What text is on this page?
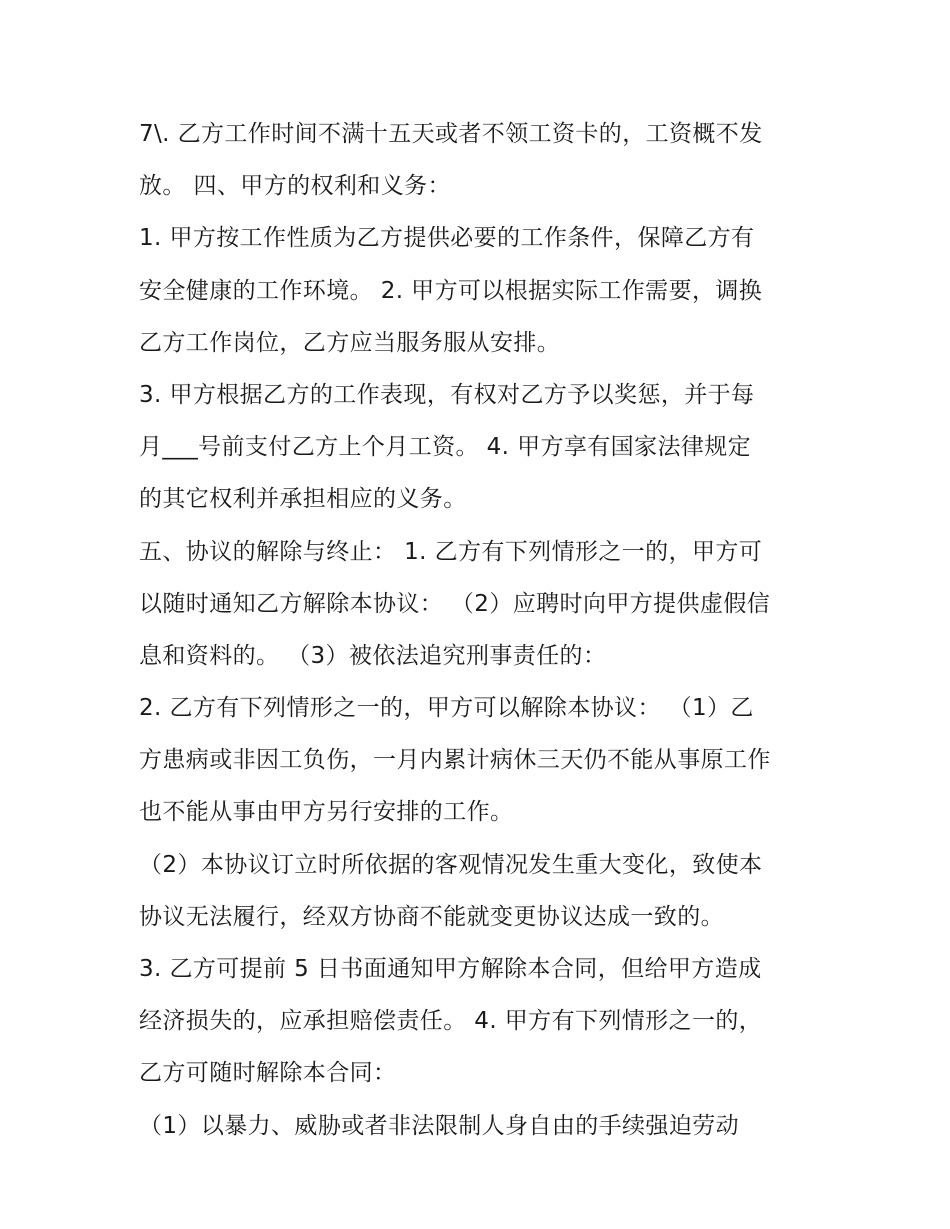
7\. 乙方工作时间不满十五天或者不领工资卡的，工资概不发
放。 四、甲方的权利和义务：
1. 甲方按工作性质为乙方提供必要的工作条件，保障乙方有
安全健康的工作环境。 2. 甲方可以根据实际工作需要，调换
乙方工作岗位，乙方应当服务服从安排。
3. 甲方根据乙方的工作表现，有权对乙方予以奖惩，并于每
月___号前支付乙方上个月工资。 4. 甲方享有国家法律规定
的其它权利并承担相应的义务。
五、协议的解除与终止： 1. 乙方有下列情形之一的，甲方可
以随时通知乙方解除本协议： （2）应聘时向甲方提供虚假信
息和资料的。 （3）被依法追究刑事责任的：
2. 乙方有下列情形之一的，甲方可以解除本协议： （1）乙
方患病或非因工负伤，一月内累计病休三天仍不能从事原工作
也不能从事由甲方另行安排的工作。
（2）本协议订立时所依据的客观情况发生重大变化，致使本
协议无法履行，经双方协商不能就变更协议达成一致的。
3. 乙方可提前 5 日书面通知甲方解除本合同，但给甲方造成
经济损失的，应承担赔偿责任。 4. 甲方有下列情形之一的，
乙方可随时解除本合同：
（1）以暴力、威胁或者非法限制人身自由的手续强迫劳动
